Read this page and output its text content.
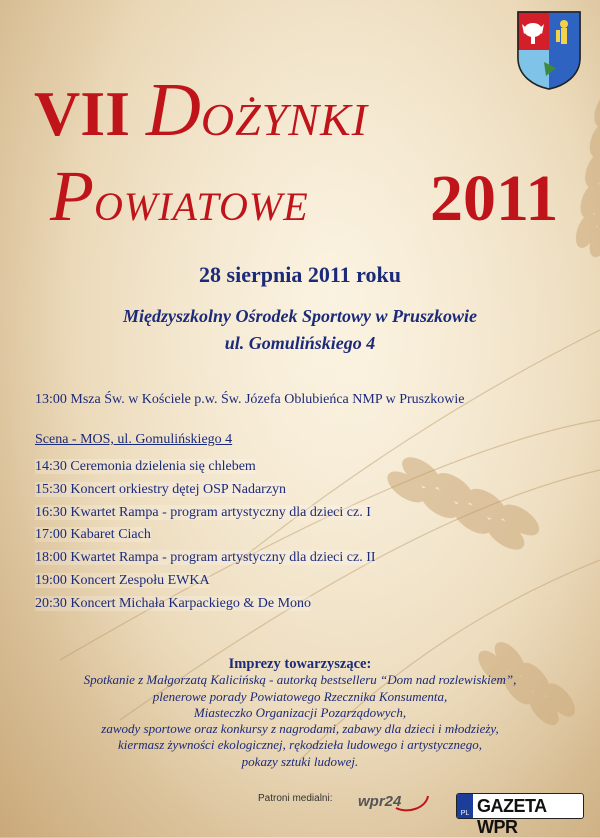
VII DOŻYNKI
POWIATOWE 2011
28 sierpnia 2011 roku
Międzyszkolny Ośrodek Sportowy w Pruszkowie
ul. Gomulińskiego 4
13:00 Msza Św. w Kościele p.w. Św. Józefa Oblubieńca NMP w Pruszkowie
Scena - MOS, ul. Gomulińskiego 4
14:30 Ceremonia dzielenia się chlebem
15:30 Koncert orkiestry dętej OSP Nadarzyn
16:30 Kwartet Rampa - program artystyczny dla dzieci cz. I
17:00 Kabaret Ciach
18:00 Kwartet Rampa - program artystyczny dla dzieci cz. II
19:00 Koncert Zespołu EWKA
20:30 Koncert Michała Karpackiego & De Mono
Imprezy towarzyszące:
Spotkanie z Małgorzatą Kalicińską - autorką bestselleru “Dom nad rozlewiskiem”,
plenerowe porady Powiatowego Rzecznika Konsumenta,
Miasteczko Organizacji Pozarządowych,
zawody sportowe oraz konkursy z nagrodami, zabawy dla dzieci i młodzieży,
kiermasz żywności ekologicznej, rękodzieła ludowego i artystycznego,
pokazy sztuki ludowej.
Patroni medialni: wpr24
PL GAZETA WPR
